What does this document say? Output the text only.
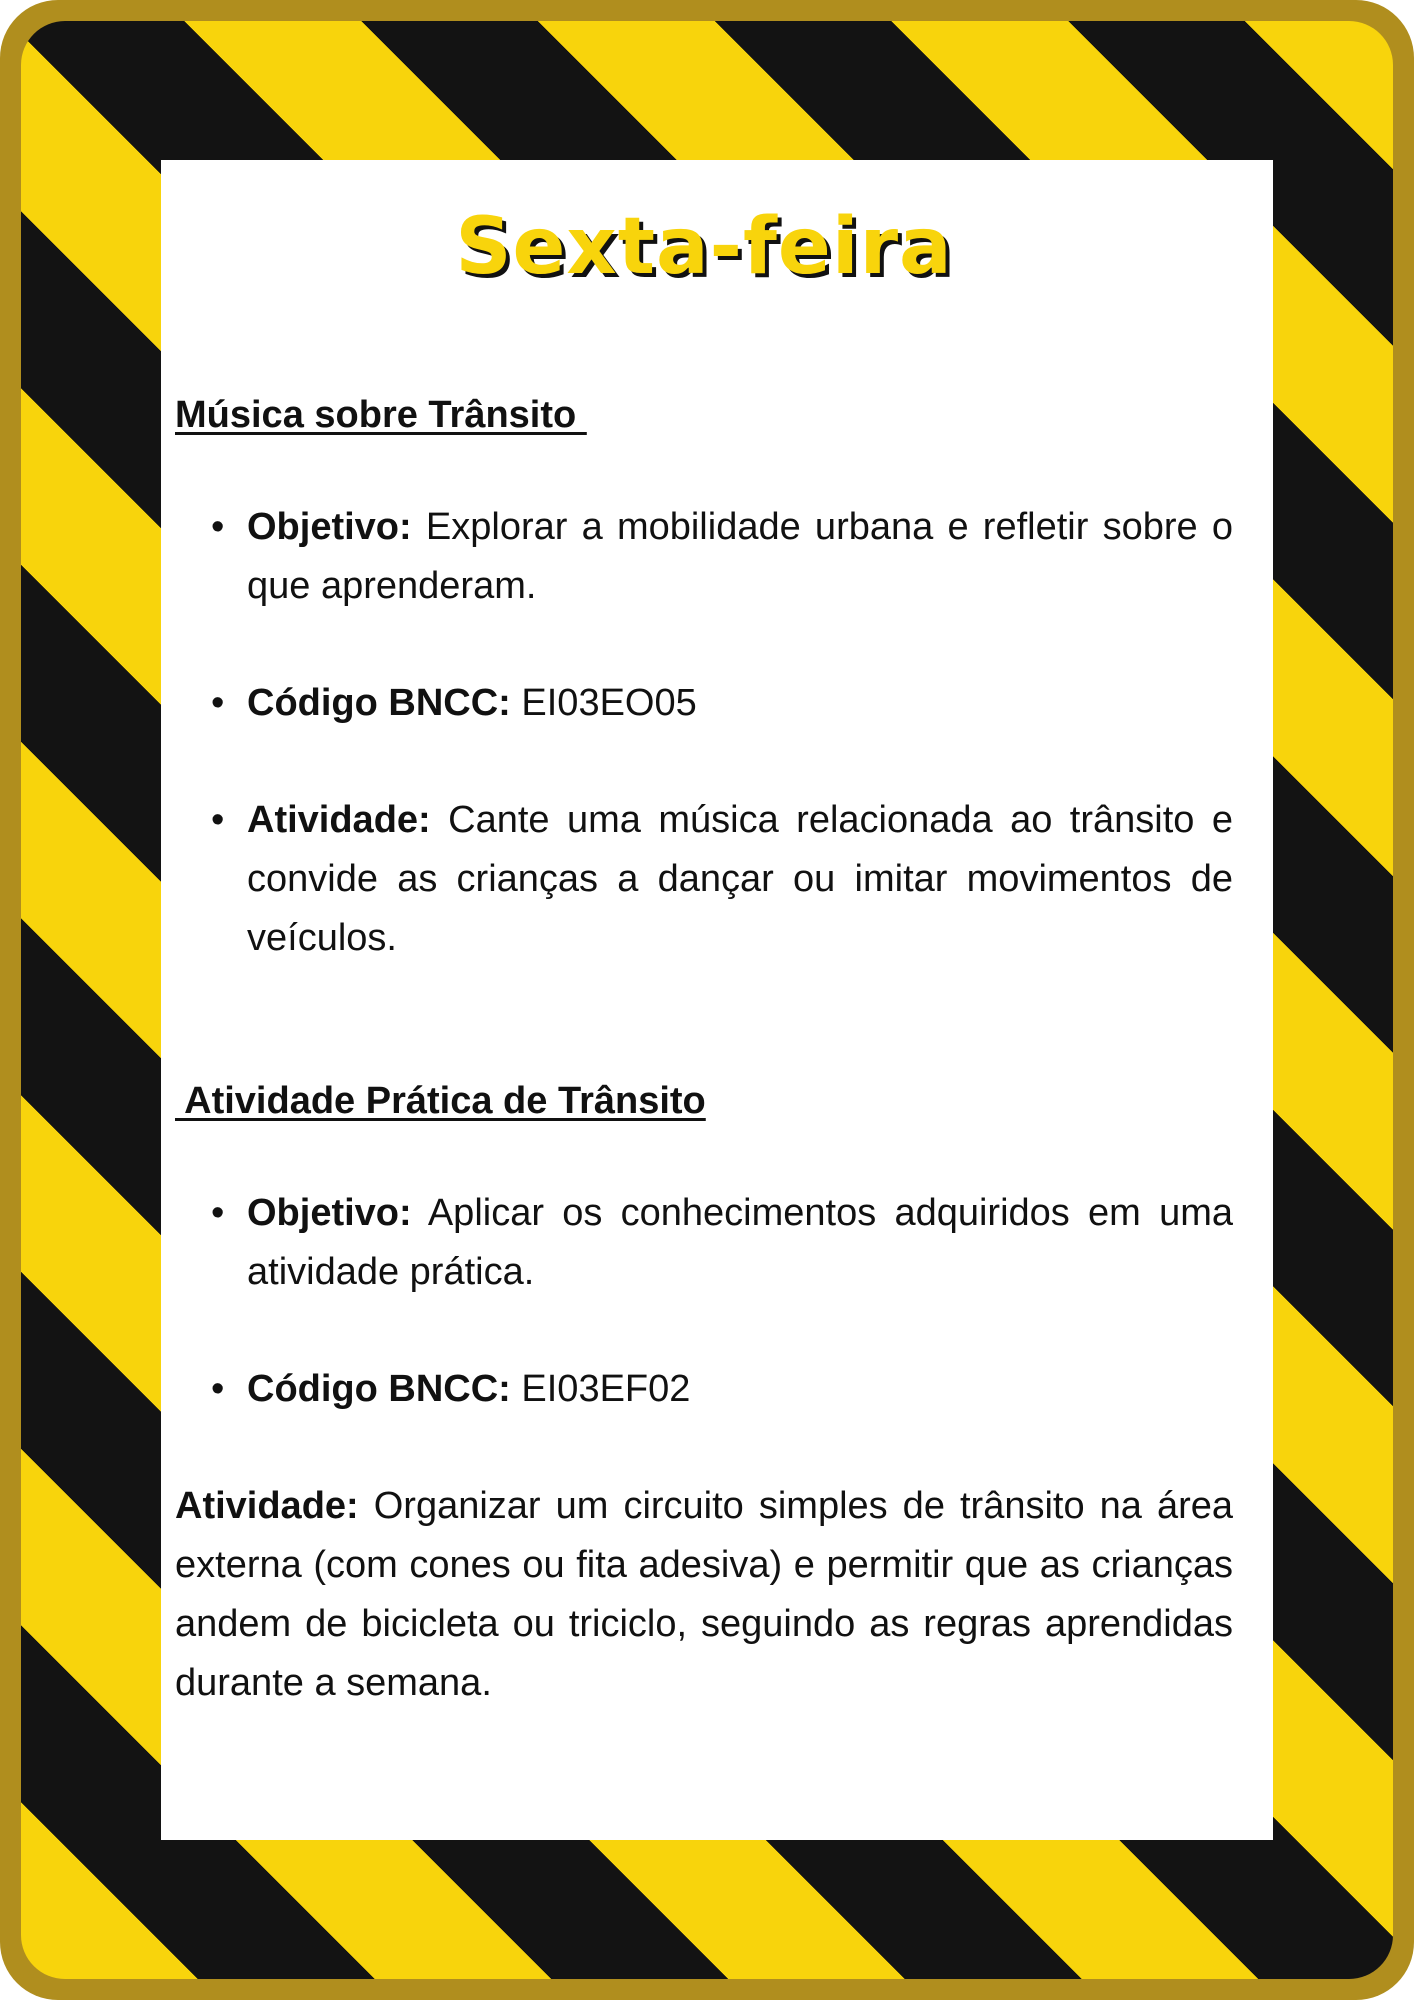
Sexta-feira
Música sobre Trânsito
• Objetivo: Explorar a mobilidade urbana e refletir sobre o que aprenderam.
• Código BNCC: EI03EO05
• Atividade: Cante uma música relacionada ao trânsito e convide as crianças a dançar ou imitar movimentos de veículos.
Atividade Prática de Trânsito
• Objetivo: Aplicar os conhecimentos adquiridos em uma atividade prática.
• Código BNCC: EI03EF02

Atividade: Organizar um circuito simples de trânsito na área externa (com cones ou fita adesiva) e permitir que as crianças andem de bicicleta ou triciclo, seguindo as regras aprendidas durante a semana.
